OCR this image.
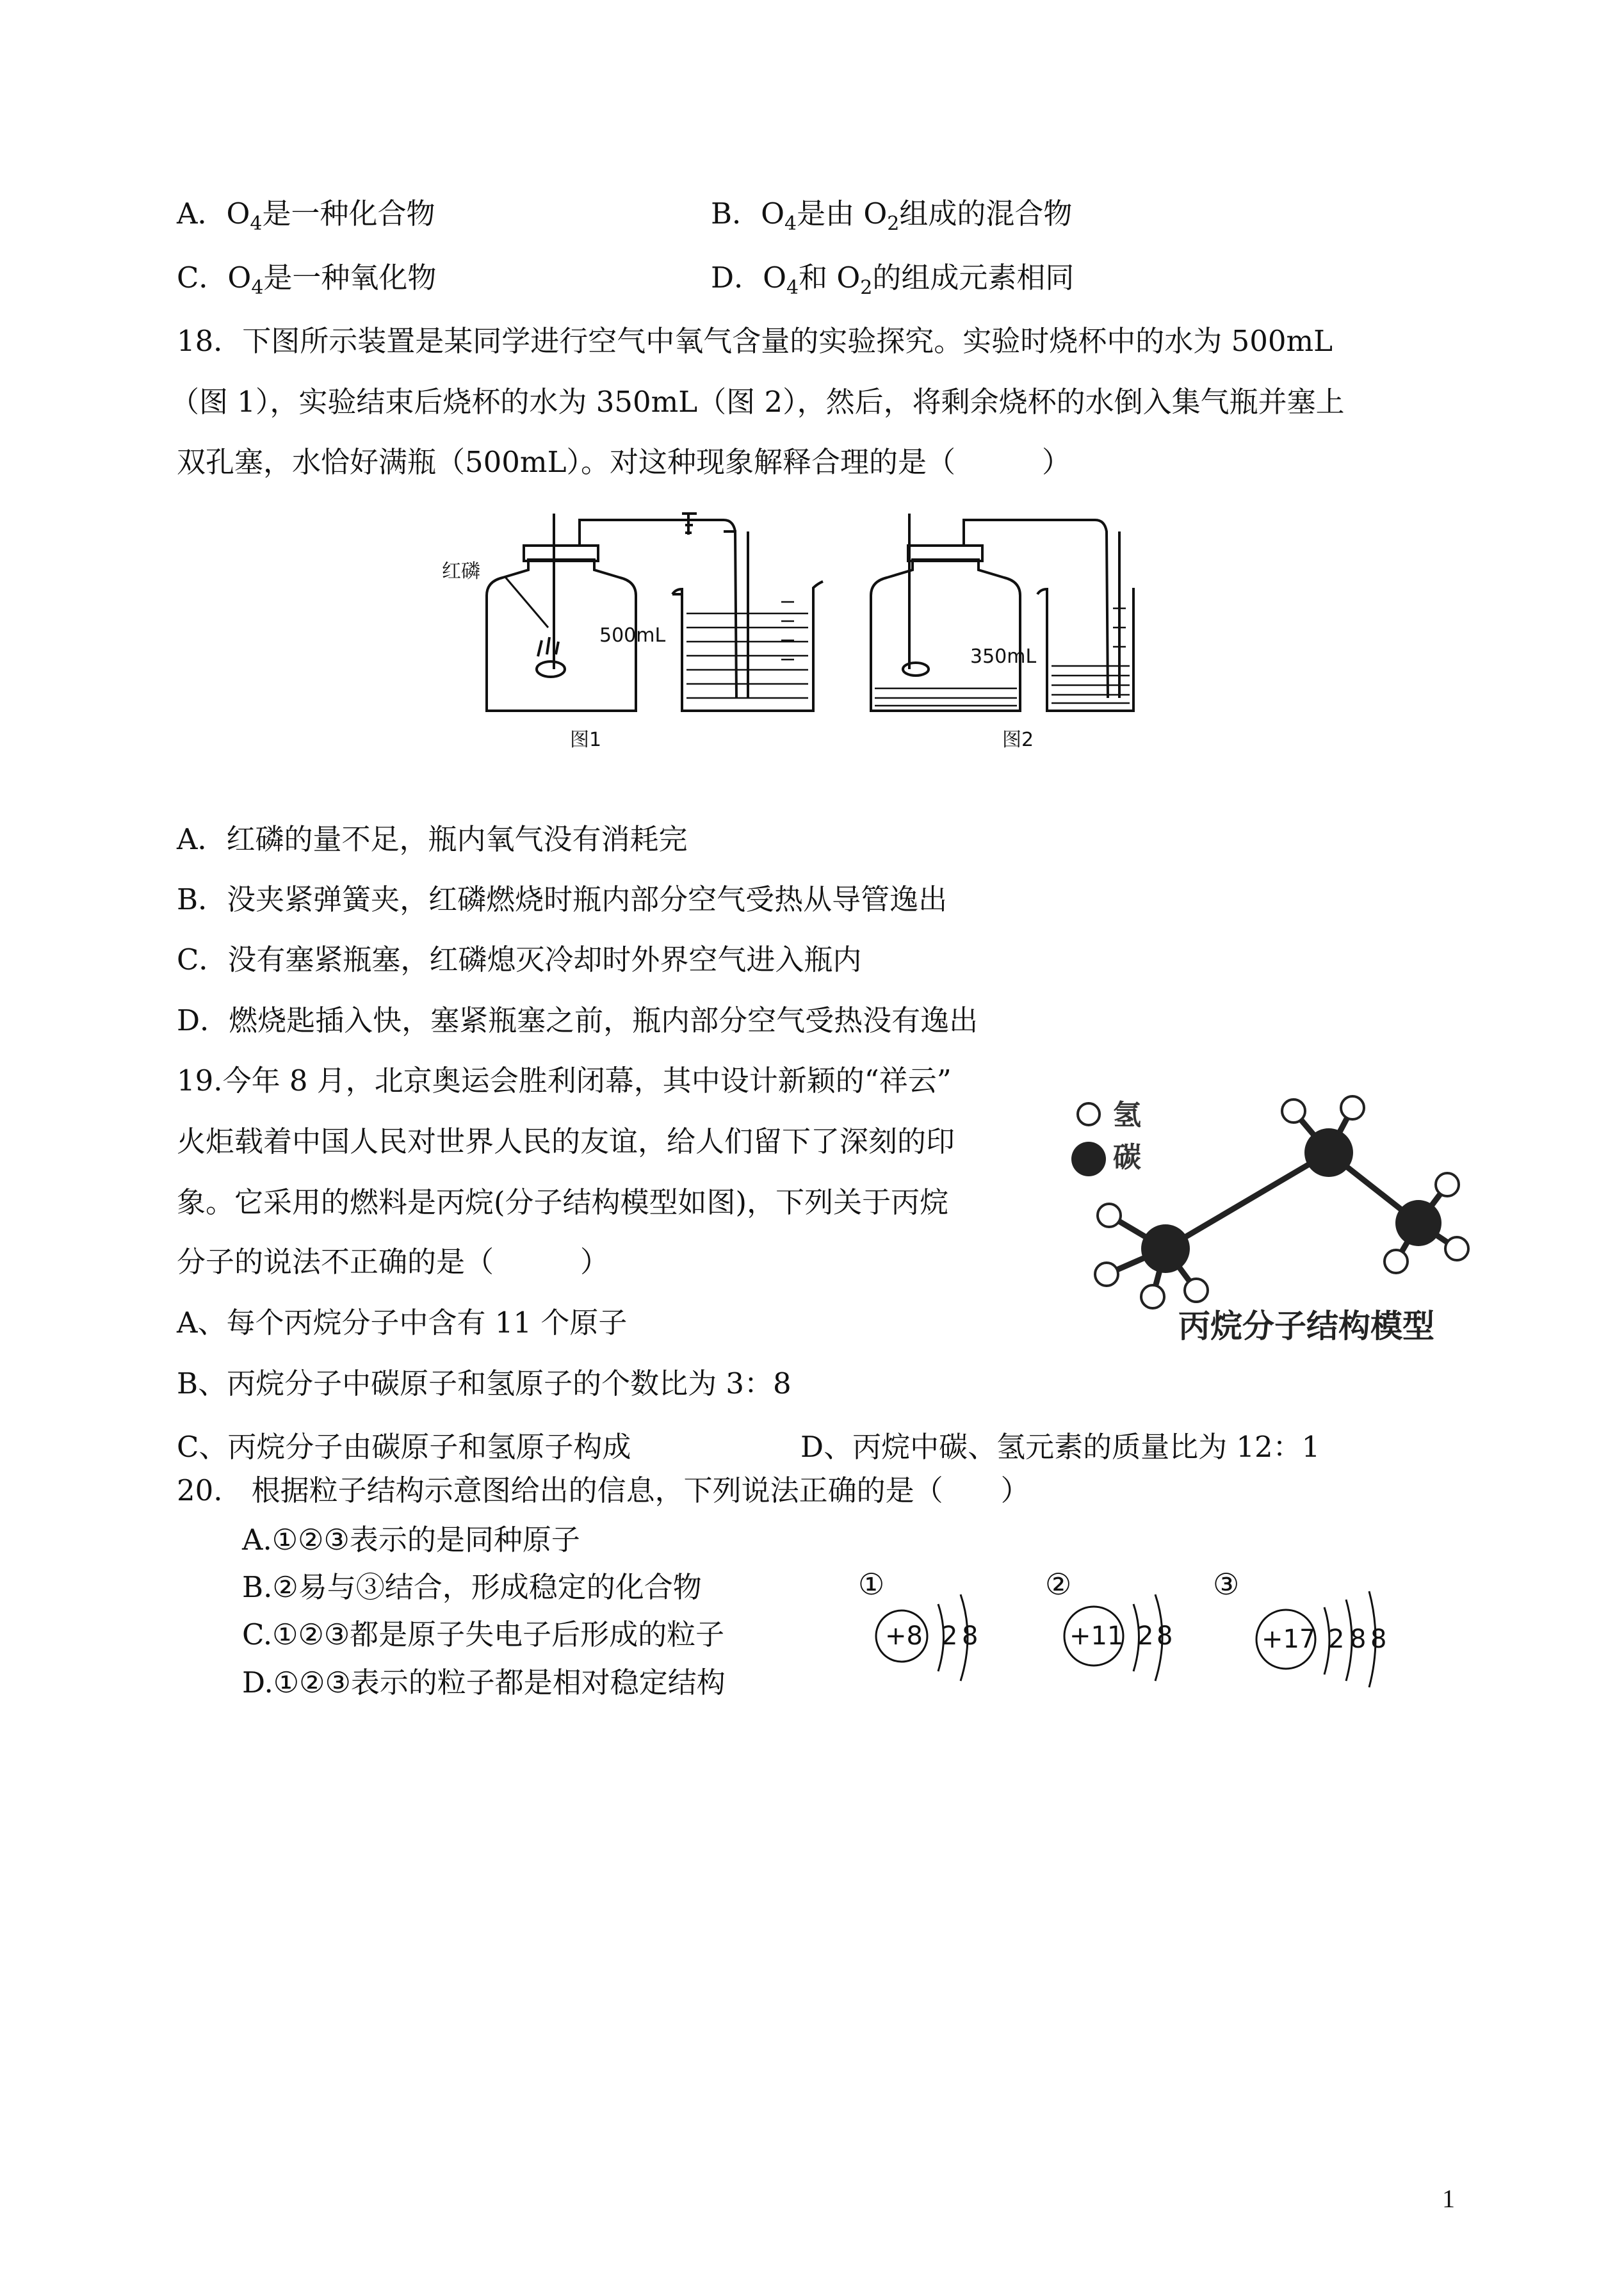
A．$O_4$是一种化合物	B．$O_4$是由 $O_2$组成的混合物
C．$O_4$是一种氧化物	D．$O_4$和 $O_2$的组成元素相同
18．下图所示装置是某同学进行空气中氧气含量的实验探究。实验时烧杯中的水为 500mL
（图 1），实验结束后烧杯的水为 350mL（图 2），然后，将剩余烧杯的水倒入集气瓶并塞上
双孔塞，水恰好满瓶（500mL）。对这种现象解释合理的是（　　　）
红磷
500mL
图1
350mL
图2
A．红磷的量不足，瓶内氧气没有消耗完
B．没夹紧弹簧夹，红磷燃烧时瓶内部分空气受热从导管逸出
C．没有塞紧瓶塞，红磷熄灭冷却时外界空气进入瓶内
D．燃烧匙插入快，塞紧瓶塞之前，瓶内部分空气受热没有逸出
19.今年 8 月，北京奥运会胜利闭幕，其中设计新颖的“祥云”
火炬载着中国人民对世界人民的友谊，给人们留下了深刻的印
象。它采用的燃料是丙烷(分子结构模型如图)，下列关于丙烷
分子的说法不正确的是（　　　）
氢
碳
丙烷分子结构模型
A、每个丙烷分子中含有 11 个原子
B、丙烷分子中碳原子和氢原子的个数比为 3：8
C、丙烷分子由碳原子和氢原子构成	D、丙烷中碳、氢元素的质量比为 12：1
20.　根据粒子结构示意图给出的信息，下列说法正确的是（　　）
A.①②③表示的是同种原子
B.②易与③结合，形成稳定的化合物
C.①②③都是原子失电子后形成的粒子
D.①②③表示的粒子都是相对稳定结构
①
+8 2 8
②
+11 2 8
③
+17 2 8 8
1
